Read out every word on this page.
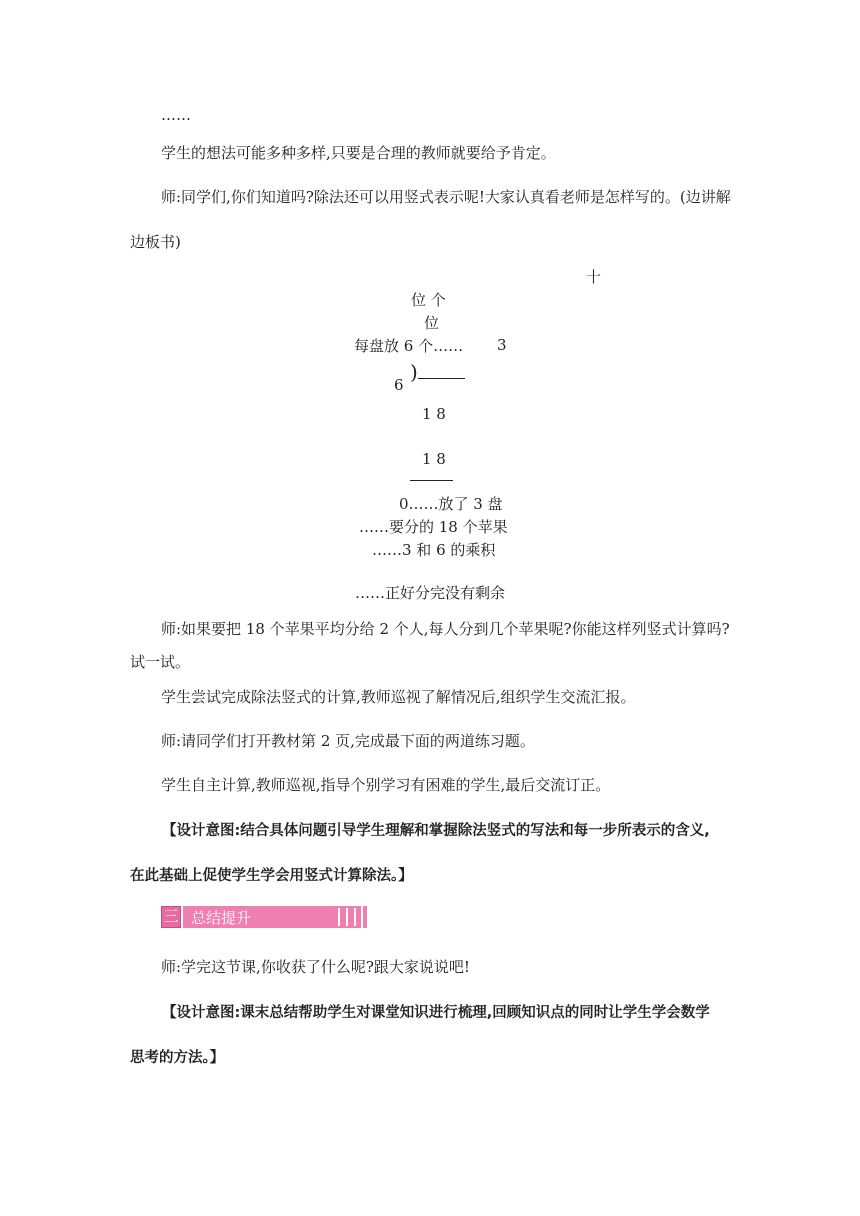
……
学生的想法可能多种多样,只要是合理的教师就要给予肯定。
师:同学们,你们知道吗?除法还可以用竖式表示呢!大家认真看老师是怎样写的。(边讲解
边板书)
十
位 个
位
每盘放 6 个…… 3
6
)
1 8
1 8
0……放了 3 盘
……要分的 18 个苹果
……3 和 6 的乘积
……正好分完没有剩余
师:如果要把 18 个苹果平均分给 2 个人,每人分到几个苹果呢?你能这样列竖式计算吗?
试一试。
学生尝试完成除法竖式的计算,教师巡视了解情况后,组织学生交流汇报。
师:请同学们打开教材第 2 页,完成最下面的两道练习题。
学生自主计算,教师巡视,指导个别学习有困难的学生,最后交流订正。
【设计意图:结合具体问题引导学生理解和掌握除法竖式的写法和每一步所表示的含义,
在此基础上促使学生学会用竖式计算除法。】
三 总结提升
师:学完这节课,你收获了什么呢?跟大家说说吧!
【设计意图:课末总结帮助学生对课堂知识进行梳理,回顾知识点的同时让学生学会数学
思考的方法。】
